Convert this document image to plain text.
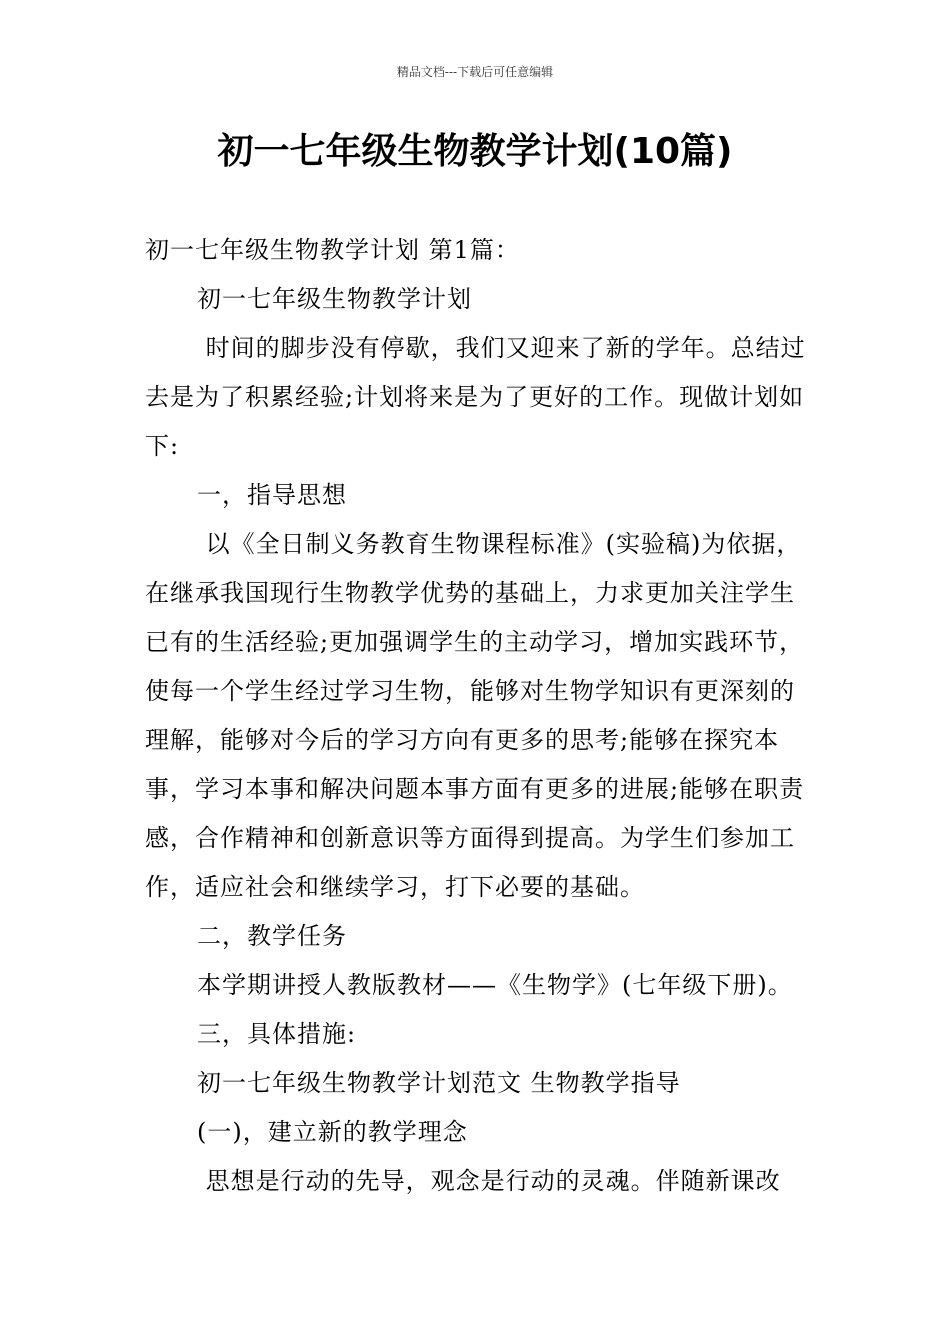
精品文档---下载后可任意编辑
初一七年级生物教学计划(10篇)

初一七年级生物教学计划 第1篇：

初一七年级生物教学计划

时间的脚步没有停歇，我们又迎来了新的学年。总结过去是为了积累经验;计划将来是为了更好的工作。现做计划如下:

一，指导思想

以《全日制义务教育生物课程标准》(实验稿)为依据，在继承我国现行生物教学优势的基础上，力求更加关注学生已有的生活经验;更加强调学生的主动学习，增加实践环节，使每一个学生经过学习生物，能够对生物学知识有更深刻的理解，能够对今后的学习方向有更多的思考;能够在探究本事，学习本事和解决问题本事方面有更多的进展;能够在职责感，合作精神和创新意识等方面得到提高。为学生们参加工作，适应社会和继续学习，打下必要的基础。

二，教学任务

本学期讲授人教版教材——《生物学》(七年级下册)。

三，具体措施:

初一七年级生物教学计划范文 生物教学指导

(一)，建立新的教学理念

思想是行动的先导，观念是行动的灵魂。伴随新课改
